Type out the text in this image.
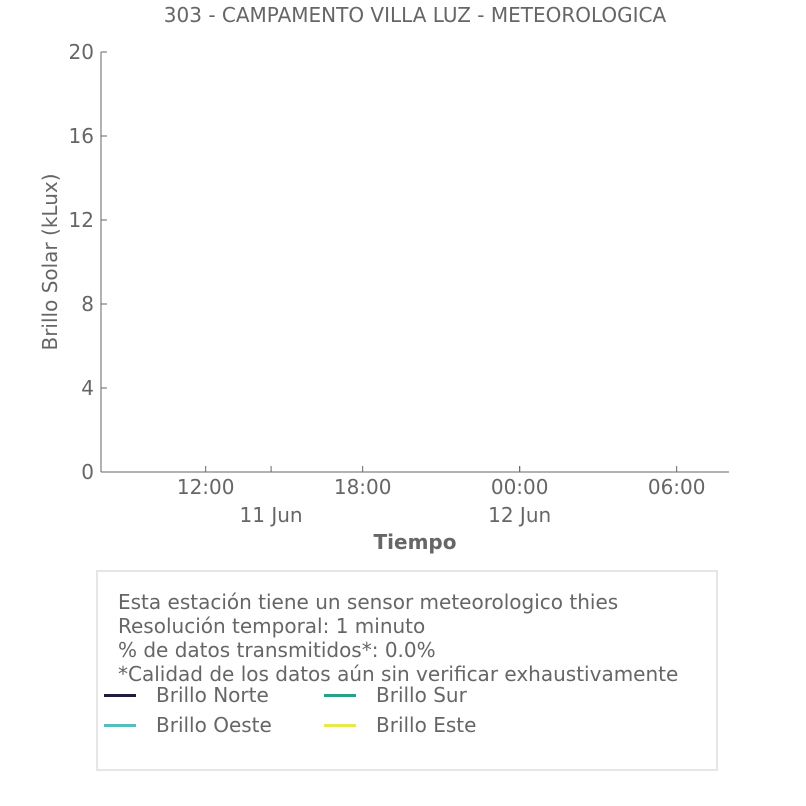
303 - CAMPAMENTO VILLA LUZ - METEOROLOGICA
0
4
8
12
16
20
12:00	18:00	00:00	06:00
11 Jun	12 Jun
Brillo Solar (kLux)
Tiempo
Esta estación tiene un sensor meteorologico thies
Resolución temporal: 1 minuto
% de datos transmitidos*: 0.0%
*Calidad de los datos aún sin verificar exhaustivamente
Brillo Norte	Brillo Sur
Brillo Oeste	Brillo Este
